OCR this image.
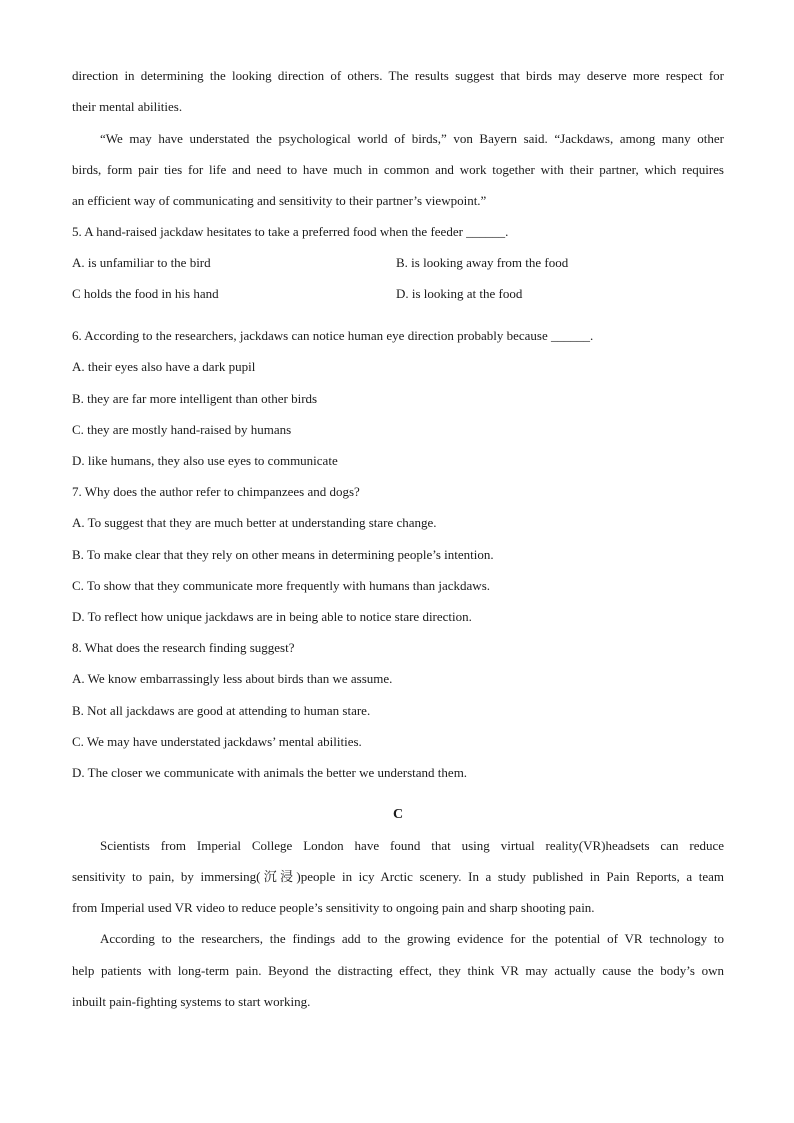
direction in determining the looking direction of others. The results suggest that birds may deserve more respect for
their mental abilities.
“We may have understated the psychological world of birds,” von Bayern said. “Jackdaws, among many other
birds, form pair ties for life and need to have much in common and work together with their partner, which requires
an efficient way of communicating and sensitivity to their partner’s viewpoint.”
5. A hand-raised jackdaw hesitates to take a preferred food when the feeder ______.
A. is unfamiliar to the bird	B. is looking away from the food
C holds the food in his hand	D. is looking at the food
6. According to the researchers, jackdaws can notice human eye direction probably because ______.
A. their eyes also have a dark pupil
B. they are far more intelligent than other birds
C. they are mostly hand-raised by humans
D. like humans, they also use eyes to communicate
7. Why does the author refer to chimpanzees and dogs?
A. To suggest that they are much better at understanding stare change.
B. To make clear that they rely on other means in determining people’s intention.
C. To show that they communicate more frequently with humans than jackdaws.
D. To reflect how unique jackdaws are in being able to notice stare direction.
8. What does the research finding suggest?
A. We know embarrassingly less about birds than we assume.
B. Not all jackdaws are good at attending to human stare.
C. We may have understated jackdaws’ mental abilities.
D. The closer we communicate with animals the better we understand them.
C
Scientists from Imperial College London have found that using virtual reality(VR)headsets can reduce
sensitivity to pain, by immersing(沉浸)people in icy Arctic scenery. In a study published in Pain Reports, a team
from Imperial used VR video to reduce people’s sensitivity to ongoing pain and sharp shooting pain.
According to the researchers, the findings add to the growing evidence for the potential of VR technology to
help patients with long-term pain. Beyond the distracting effect, they think VR may actually cause the body’s own
inbuilt pain-fighting systems to start working.
